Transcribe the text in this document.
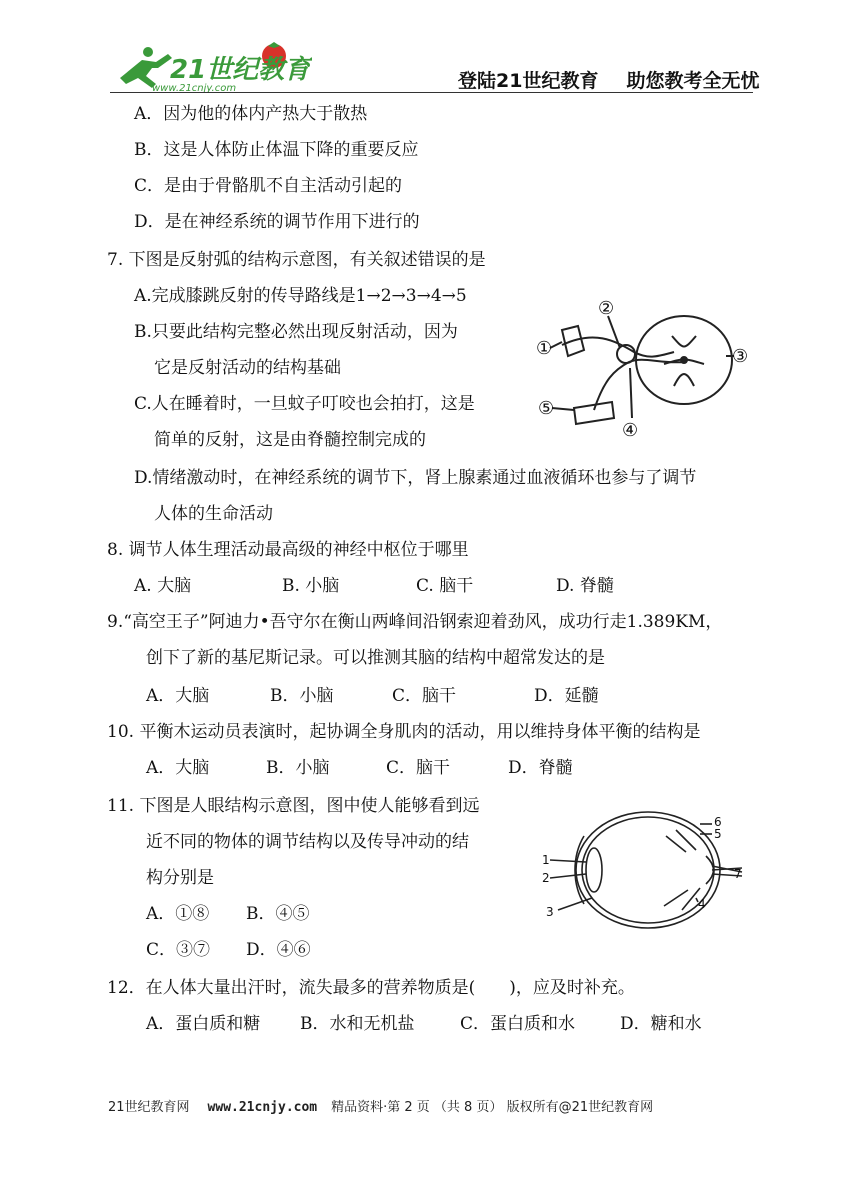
21世纪教育
www.21cnjy.com	登陆21世纪教育 助您教考全无忧
A．因为他的体内产热大于散热
B．这是人体防止体温下降的重要反应
C．是由于骨骼肌不自主活动引起的
D．是在神经系统的调节作用下进行的
7. 下图是反射弧的结构示意图，有关叙述错误的是
A.完成膝跳反射的传导路线是1→2→3→4→5
B.只要此结构完整必然出现反射活动，因为
它是反射活动的结构基础
C.人在睡着时，一旦蚊子叮咬也会拍打，这是
简单的反射，这是由脊髓控制完成的
D.情绪激动时，在神经系统的调节下，肾上腺素通过血液循环也参与了调节
人体的生命活动
①
②
③
④
⑤
8. 调节人体生理活动最高级的神经中枢位于哪里
A. 大脑	B. 小脑	C. 脑干	D. 脊髓
9.“高空王子”阿迪力•吾守尔在衡山两峰间沿钢索迎着劲风，成功行走1.389KM，
创下了新的基尼斯记录。可以推测其脑的结构中超常发达的是
A．大脑	B．小脑	C．脑干	D．延髓
10. 平衡木运动员表演时，起协调全身肌肉的活动，用以维持身体平衡的结构是
A．大脑	B．小脑	C．脑干	D．脊髓
11. 下图是人眼结构示意图，图中使人能够看到远
近不同的物体的调节结构以及传导冲动的结
构分别是
A．①⑧ B．④⑤
C．③⑦ D．④⑥
1
2
3
4
5
6
7
12．在人体大量出汗时，流失最多的营养物质是(　　)，应及时补充。
A．蛋白质和糖 B．水和无机盐	C．蛋白质和水	D．糖和水
21世纪教育网 www.21cnjy.com 精品资料·第 2 页 （共 8 页） 版权所有@21世纪教育网
